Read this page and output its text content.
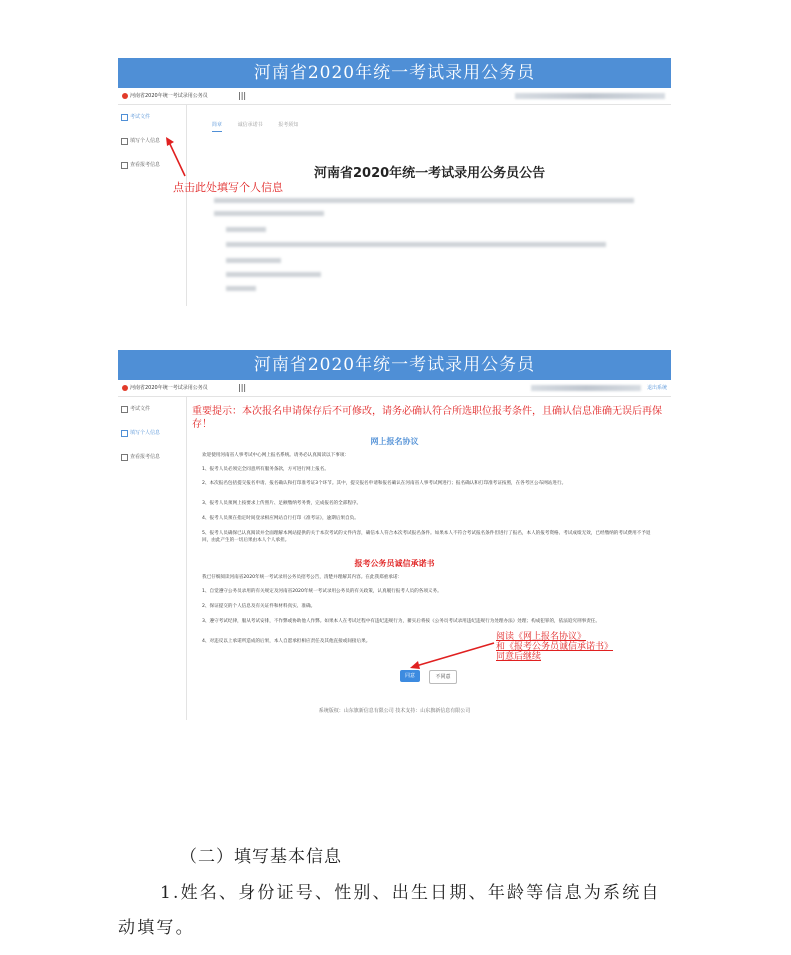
河南省2020年统一考试录用公务员
河南省2020年统一考试录用公务员	|||
考试文件
填写个人信息
查看报考信息
简章	诚信承诺书	报考须知
河南省2020年统一考试录用公务员公告
点击此处填写个人信息
河南省2020年统一考试录用公务员
河南省2020年统一考试录用公务员	|||	退出系统
考试文件
填写个人信息
查看报考信息
重要提示：本次报名申请保存后不可修改，请务必确认符合所选职位报考条件，且确认信息准确无误后再保存！
网上报名协议
欢迎使用河南省人事考试中心网上报名系统。请务必认真阅读以下事项：
1、报考人员必须完全同意所有服务条款，方可进行网上报名。
2、本次报名包括提交报名申请、报名确认和打印准考证3个环节。其中，提交报名申请和报名确认在河南省人事考试网进行；报名确认和打印准考证按照，在各考区公布网站进行。
3、报考人员须网上按要求上传照片、足额缴纳考务费，完成报名的全部程序。
4、报考人员须在指定时间登录相应网站自行打印《准考证》，逾期后果自负。
5、报考人员确保已认真阅读并全面理解本网站提供的关于本次考试的文件内容，确信本人符合本次考试报名条件。如果本人不符合考试报名条件但进行了报名，本人的报考资格、考试成绩无效，已经缴纳的考试费用不予退回，由此产生的一切后果由本人个人承担。
报考公务员诚信承诺书
我已仔细阅读河南省2020年统一考试录用公务员招考公告，清楚并理解其内容。在此我郑重承诺：
1、自觉遵守公务员录用的有关规定及河南省2020年统一考试录用公务员的有关政策，认真履行报考人员的各项义务。
2、保证提交的个人信息及有关证件和材料真实、准确。
3、遵守考试纪律，服从考试安排，不作弊或协助他人作弊。如果本人在考试过程中有违纪违规行为，蓄实后将按《公务员考试录用违纪违规行为处理办法》处理；构成犯罪的，依法追究刑事责任。
4、对违反以上承诺所造成的后果，本人自愿承担相应责任及其他直接或间接后果。	阅读《网上报名协议》
和《报考公务员诚信承诺书》
同意后继续
同意	不同意
系统版权：山东旗新信息有限公司 技术支持：山东旗新信息有限公司
（二）填写基本信息
1.姓名、身份证号、性别、出生日期、年龄等信息为系统自动填写。
